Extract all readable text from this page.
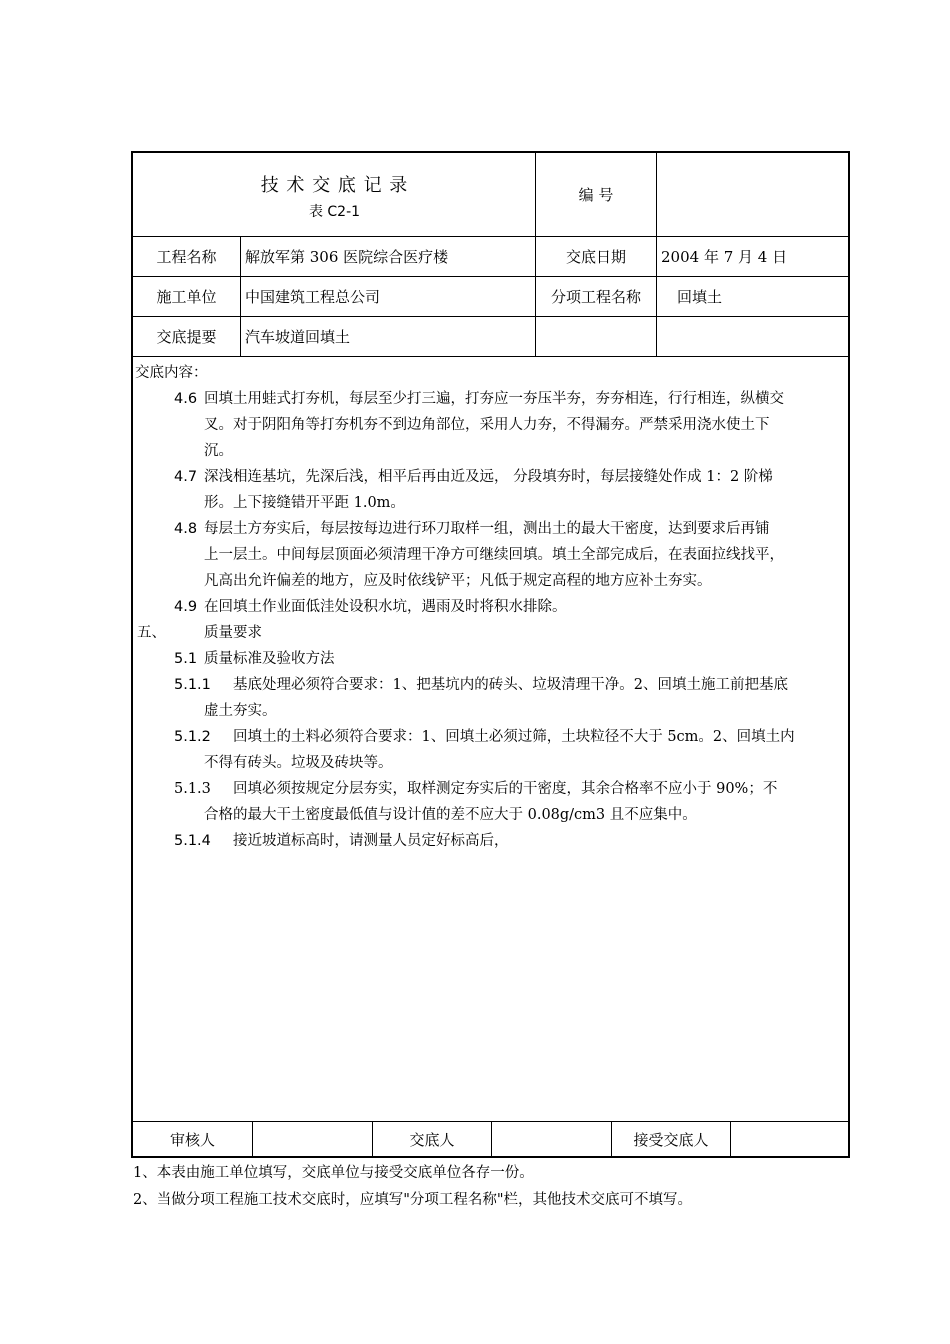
技 术 交 底 记 录
表 C2-1
编 号
工程名称	解放军第 306 医院综合医疗楼	交底日期	2004 年 7 月 4 日
施工单位	中国建筑工程总公司	分项工程名称	回填土
交底提要	汽车坡道回填土
交底内容：
4.6 回填土用蛙式打夯机，每层至少打三遍，打夯应一夯压半夯，夯夯相连，行行相连，纵横交
叉。对于阴阳角等打夯机夯不到边角部位，采用人力夯，不得漏夯。严禁采用浇水使土下
沉。
4.7 深浅相连基坑，先深后浅，相平后再由近及远， 分段填夯时，每层接缝处作成 1：2 阶梯
形。上下接缝错开平距 1.0m。
4.8 每层土方夯实后，每层按每边进行环刀取样一组，测出土的最大干密度，达到要求后再铺
上一层土。中间每层顶面必须清理干净方可继续回填。填土全部完成后，在表面拉线找平，
凡高出允许偏差的地方，应及时依线铲平；凡低于规定高程的地方应补土夯实。
4.9 在回填土作业面低洼处设积水坑，遇雨及时将积水排除。
五、	质量要求
5.1 质量标准及验收方法
5.1.1 基底处理必须符合要求：1、把基坑内的砖头、垃圾清理干净。2、回填土施工前把基底
虚土夯实。
5.1.2 回填土的土料必须符合要求：1、回填土必须过筛，土块粒径不大于 5cm。2、回填土内
不得有砖头。垃圾及砖块等。
5.1.3 回填必须按规定分层夯实，取样测定夯实后的干密度，其余合格率不应小于 90%；不
合格的最大干土密度最低值与设计值的差不应大于 0.08g/cm3 且不应集中。
5.1.4 接近坡道标高时，请测量人员定好标高后，
审核人	交底人	接受交底人
1、本表由施工单位填写，交底单位与接受交底单位各存一份。
2、当做分项工程施工技术交底时，应填写"分项工程名称"栏，其他技术交底可不填写。
